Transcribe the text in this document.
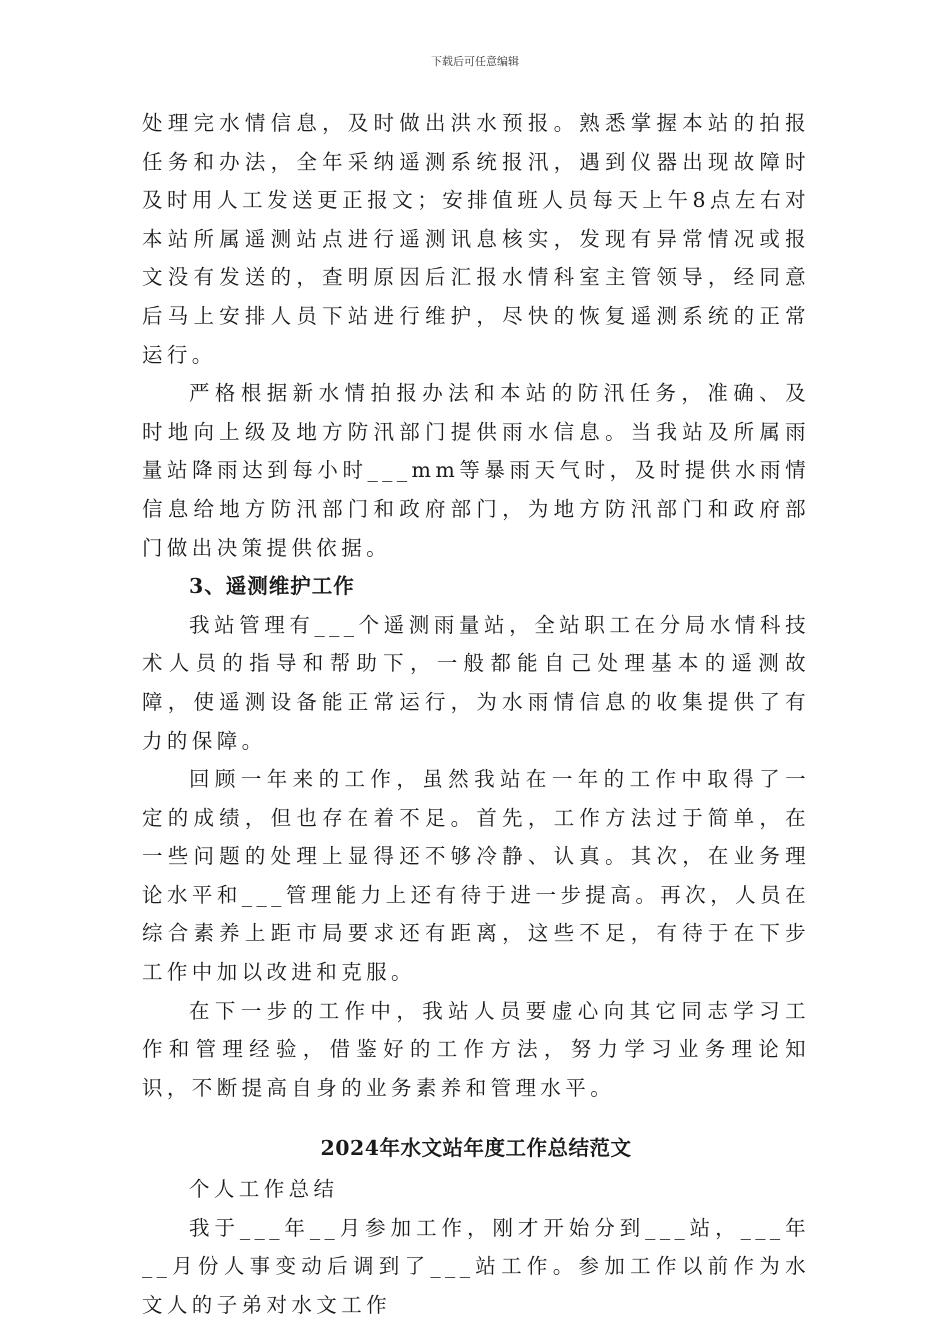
下载后可任意编辑

处理完水情信息，及时做出洪水预报。熟悉掌握本站的拍报任务和办法，全年采纳遥测系统报汛，遇到仪器出现故障时及时用人工发送更正报文；安排值班人员每天上午8点左右对本站所属遥测站点进行遥测讯息核实，发现有异常情况或报文没有发送的，查明原因后汇报水情科室主管领导，经同意后马上安排人员下站进行维护，尽快的恢复遥测系统的正常运行。

严格根据新水情拍报办法和本站的防汛任务，准确、及时地向上级及地方防汛部门提供雨水信息。当我站及所属雨量站降雨达到每小时___mm等暴雨天气时，及时提供水雨情信息给地方防汛部门和政府部门，为地方防汛部门和政府部门做出决策提供依据。

3、遥测维护工作

我站管理有___个遥测雨量站，全站职工在分局水情科技术人员的指导和帮助下，一般都能自己处理基本的遥测故障，使遥测设备能正常运行，为水雨情信息的收集提供了有力的保障。

回顾一年来的工作，虽然我站在一年的工作中取得了一定的成绩，但也存在着不足。首先，工作方法过于简单，在一些问题的处理上显得还不够冷静、认真。其次，在业务理论水平和___管理能力上还有待于进一步提高。再次，人员在综合素养上距市局要求还有距离，这些不足，有待于在下步工作中加以改进和克服。

在下一步的工作中，我站人员要虚心向其它同志学习工作和管理经验，借鉴好的工作方法，努力学习业务理论知识，不断提高自身的业务素养和管理水平。

2024年水文站年度工作总结范文

个人工作总结

我于___年__月参加工作，刚才开始分到___站，___年__月份人事变动后调到了___站工作。参加工作以前作为水文人的子弟对水文工作
